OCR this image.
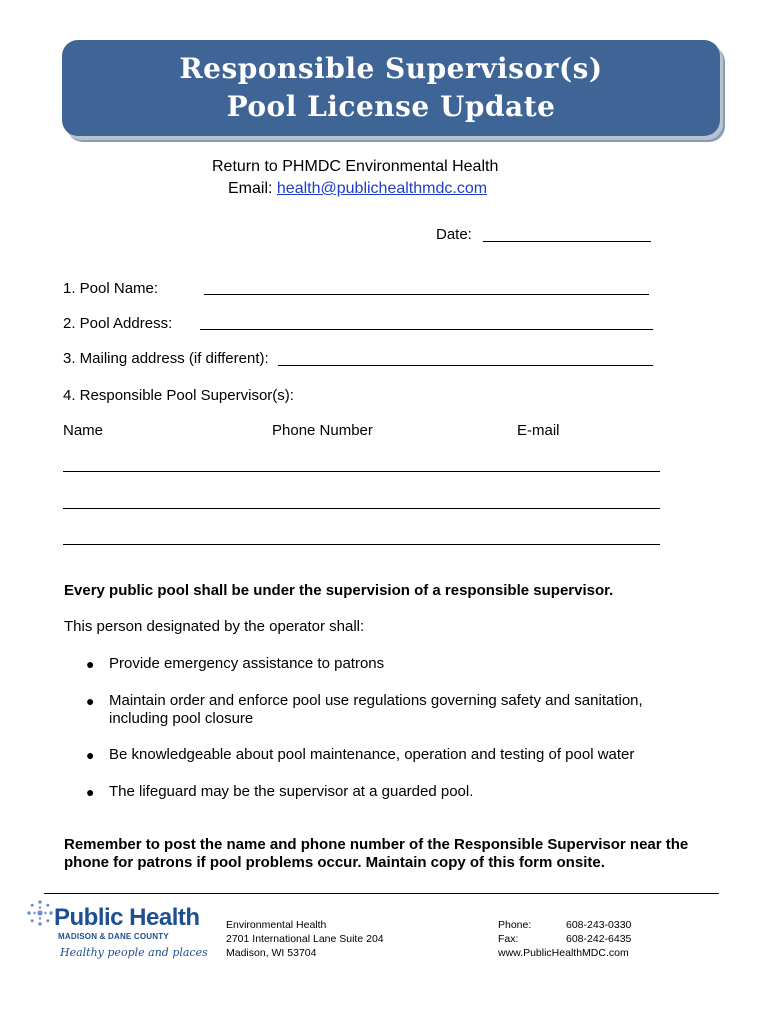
Responsible Supervisor(s)
Pool License Update
Return to PHMDC Environmental Health
Email: health@publichealthmdc.com
Date:
1. Pool Name:
2. Pool Address:
3. Mailing address (if different):
4. Responsible Pool Supervisor(s):
Name	Phone Number	E-mail
Every public pool shall be under the supervision of a responsible supervisor.
This person designated by the operator shall:
● Provide emergency assistance to patrons
● Maintain order and enforce pool use regulations governing safety and sanitation,
including pool closure
● Be knowledgeable about pool maintenance, operation and testing of pool water
● The lifeguard may be the supervisor at a guarded pool.
Remember to post the name and phone number of the Responsible Supervisor near the
phone for patrons if pool problems occur. Maintain copy of this form onsite.
Public Health
MADISON & DANE COUNTY
Healthy people and places
Environmental Health
2701 International Lane Suite 204
Madison, WI 53704
Phone:	608-243-0330
Fax:	608-242-6435
www.PublicHealthMDC.com
